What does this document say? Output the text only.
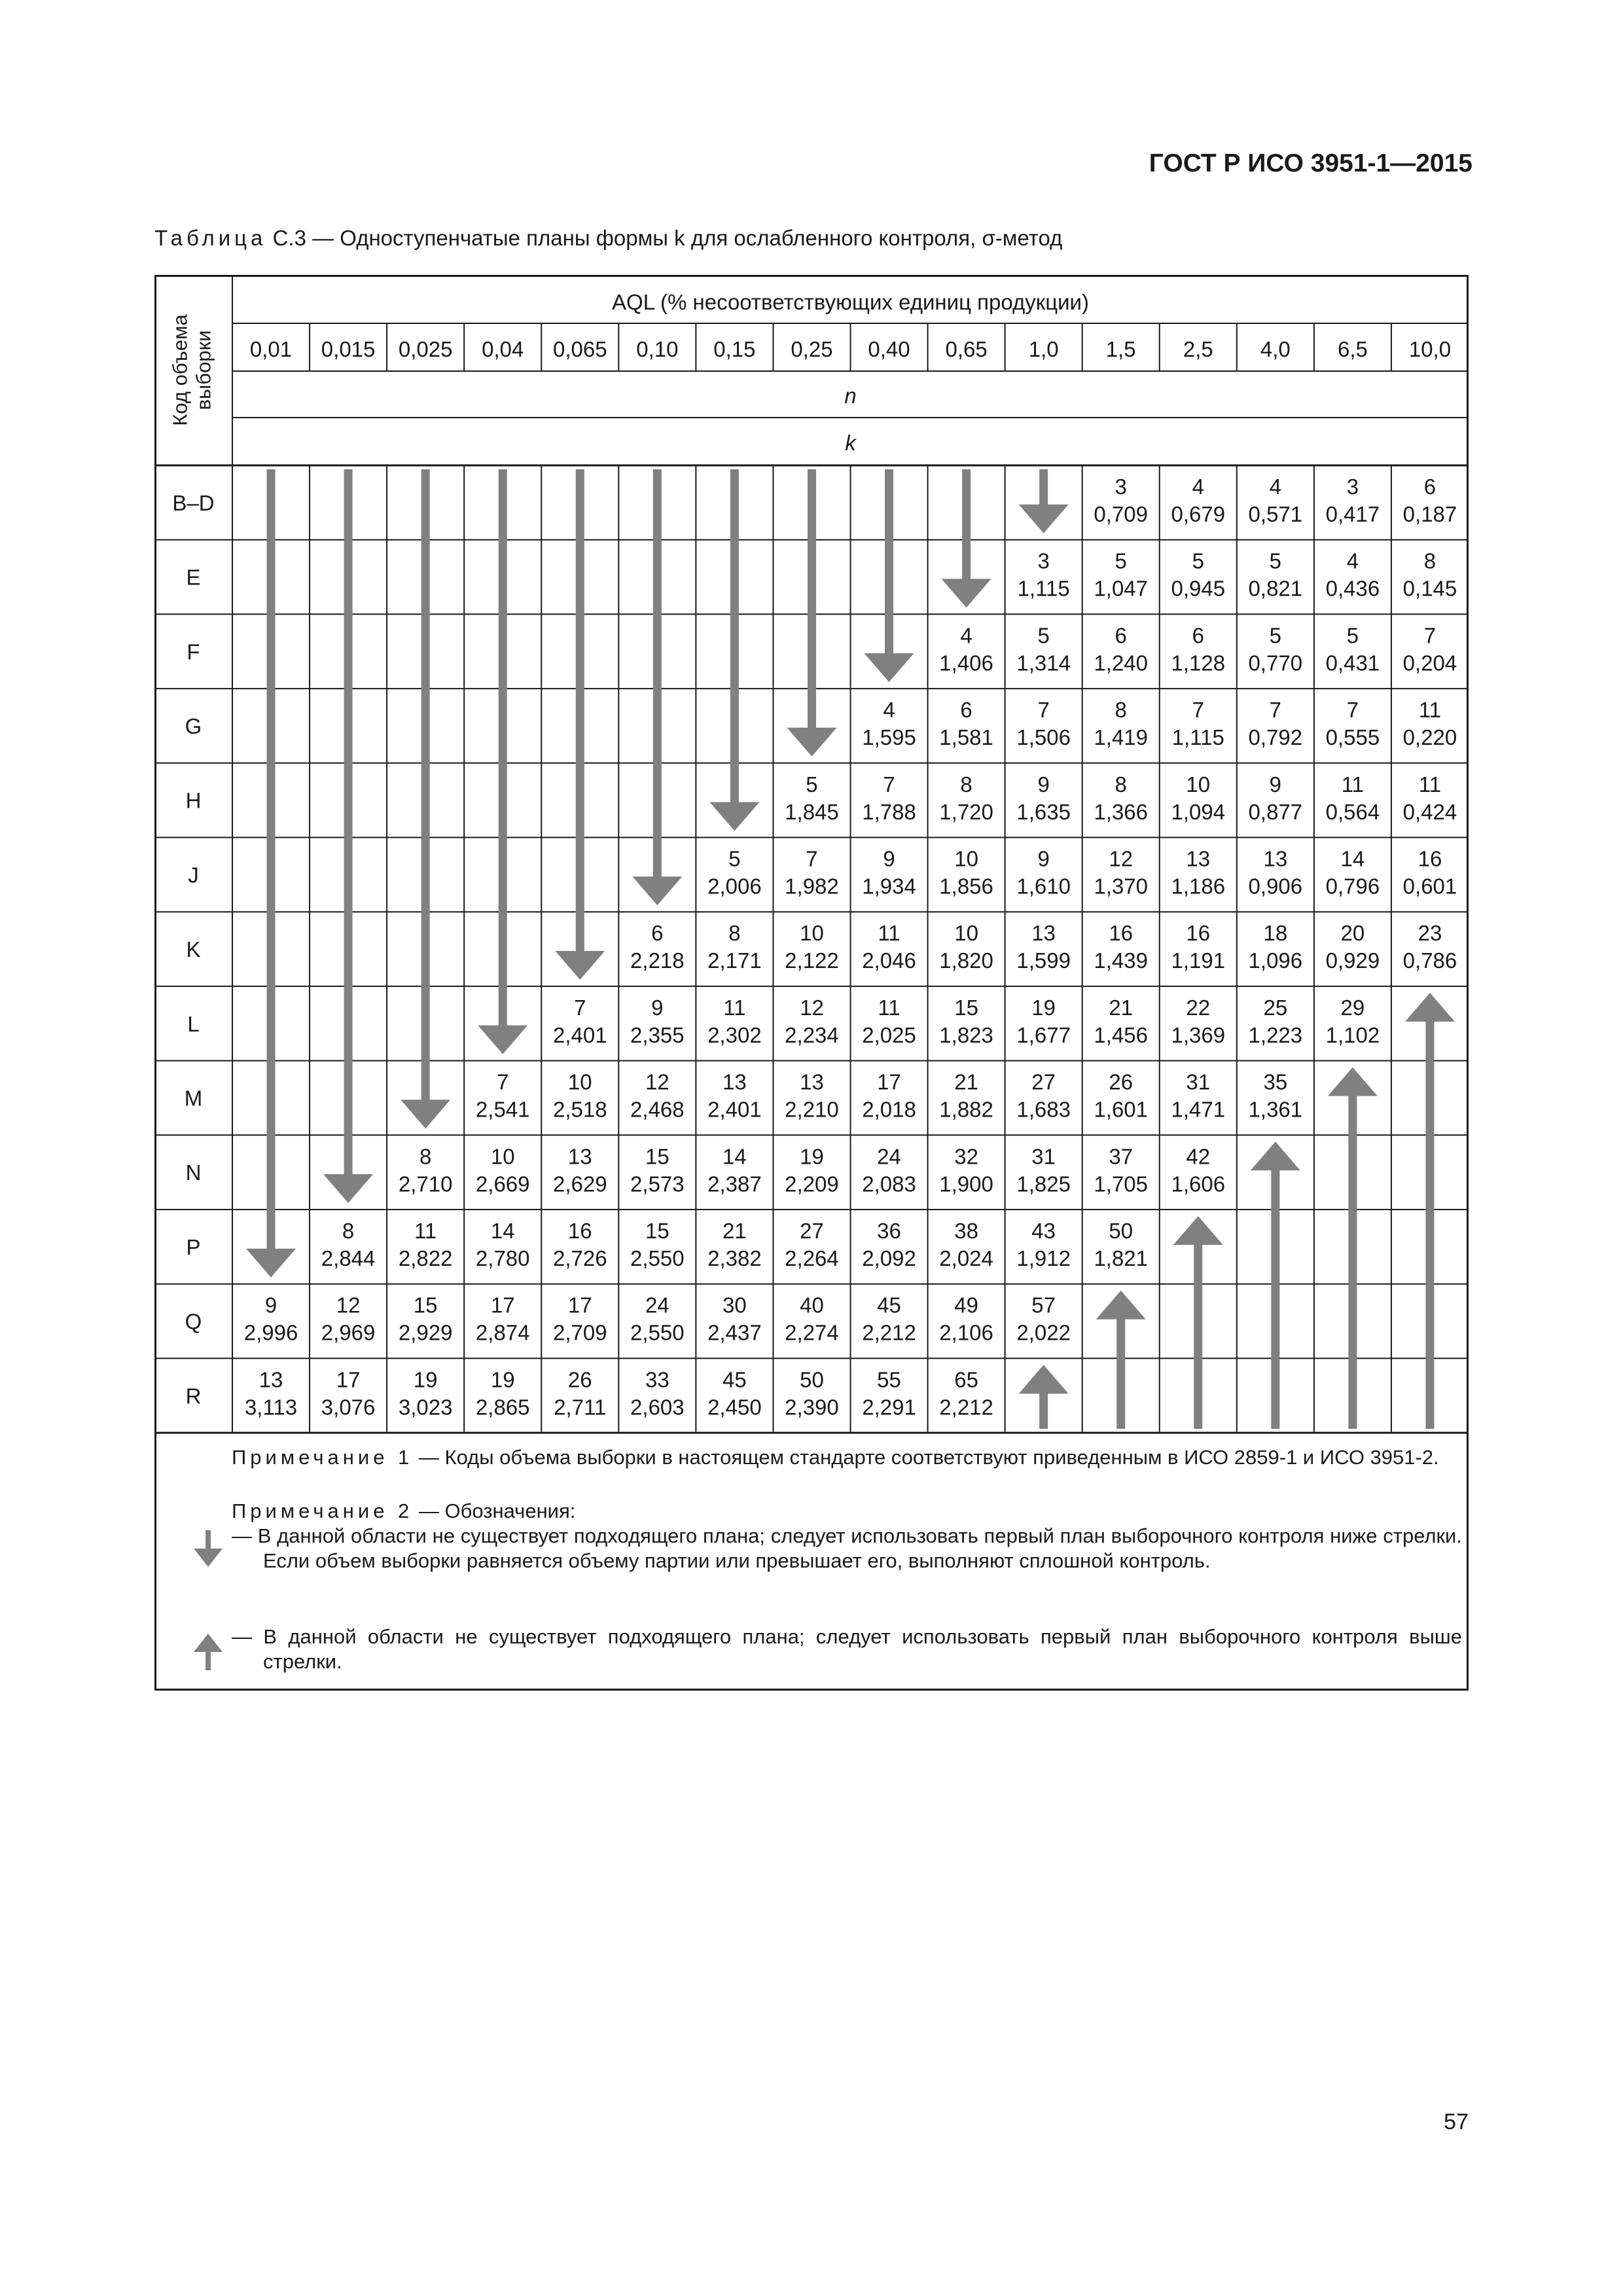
ГОСТ Р ИСО 3951-1—2015
Таблица С.3 — Одноступенчатые планы формы k для ослабленного контроля, σ-метод
AQL (% несоответствующих единиц продукции)
0,01 0,015 0,025 0,04 0,065 0,10 0,15 0,25 0,40 0,65 1,0 1,5 2,5 4,0 6,5 10,0
n
k
Код объема выборки
B–D
E
F
G
H
J
K
L
M
N
P
Q
R
3
0,709
4
0,679
4
0,571
3
0,417
6
0,187
3
1,115
5
1,047
5
0,945
5
0,821
4
0,436
8
0,145
4
1,406
5
1,314
6
1,240
6
1,128
5
0,770
5
0,431
7
0,204
4
1,595
6
1,581
7
1,506
8
1,419
7
1,115
7
0,792
7
0,555
11
0,220
5
1,845
7
1,788
8
1,720
9
1,635
8
1,366
10
1,094
9
0,877
11
0,564
11
0,424
5
2,006
7
1,982
9
1,934
10
1,856
9
1,610
12
1,370
13
1,186
13
0,906
14
0,796
16
0,601
6
2,218
8
2,171
10
2,122
11
2,046
10
1,820
13
1,599
16
1,439
16
1,191
18
1,096
20
0,929
23
0,786
7
2,401
9
2,355
11
2,302
12
2,234
11
2,025
15
1,823
19
1,677
21
1,456
22
1,369
25
1,223
29
1,102
7
2,541
10
2,518
12
2,468
13
2,401
13
2,210
17
2,018
21
1,882
27
1,683
26
1,601
31
1,471
35
1,361
8
2,710
10
2,669
13
2,629
15
2,573
14
2,387
19
2,209
24
2,083
32
1,900
31
1,825
37
1,705
42
1,606
8
2,844
11
2,822
14
2,780
16
2,726
15
2,550
21
2,382
27
2,264
36
2,092
38
2,024
43
1,912
50
1,821
9
2,996
12
2,969
15
2,929
17
2,874
17
2,709
24
2,550
30
2,437
40
2,274
45
2,212
49
2,106
57
2,022
13
3,113
17
3,076
19
3,023
19
2,865
26
2,711
33
2,603
45
2,450
50
2,390
55
2,291
65
2,212
Примечание 1 — Коды объема выборки в настоящем стандарте соответствуют приведенным в ИСО 2859-1 и ИСО 3951-2.
Примечание 2 — Обозначения:
— В данной области не существует подходящего плана; следует использовать первый план выборочного контроля ниже стрелки. Если объем выборки равняется объему партии или превышает его, выполняют сплошной контроль.
— В данной области не существует подходящего плана; следует использовать первый план выборочного контроля выше стрелки.
57
